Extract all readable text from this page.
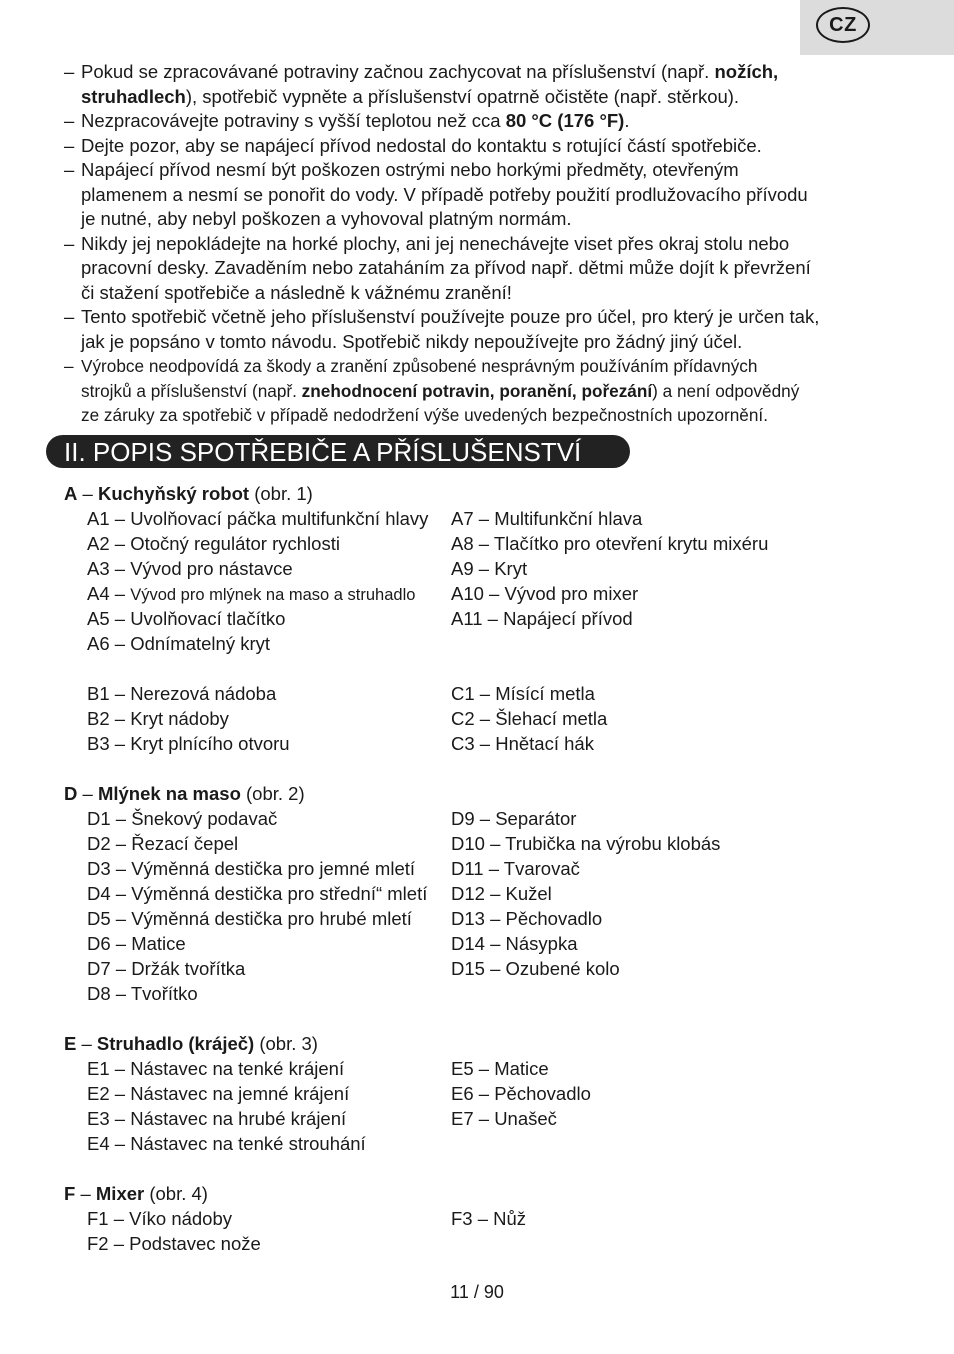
CZ
– Pokud se zpracovávané potraviny začnou zachycovat na příslušenství (např. nožích,
struhadlech), spotřebič vypněte a příslušenství opatrně očistěte (např. stěrkou).
– Nezpracovávejte potraviny s vyšší teplotou než cca 80 °C (176 °F).
– Dejte pozor, aby se napájecí přívod nedostal do kontaktu s rotující částí spotřebiče.
– Napájecí přívod nesmí být poškozen ostrými nebo horkými předměty, otevřeným
plamenem a nesmí se ponořit do vody. V případě potřeby použití prodlužovacího přívodu
je nutné, aby nebyl poškozen a vyhovoval platným normám.
– Nikdy jej nepokládejte na horké plochy, ani jej nenechávejte viset přes okraj stolu nebo
pracovní desky. Zavaděním nebo zataháním za přívod např. dětmi může dojít k převržení
či stažení spotřebiče a následně k vážnému zranění!
– Tento spotřebič včetně jeho příslušenství používejte pouze pro účel, pro který je určen tak,
jak je popsáno v tomto návodu. Spotřebič nikdy nepoužívejte pro žádný jiný účel.
– Výrobce neodpovídá za škody a zranění způsobené nesprávným používáním přídavných
strojků a příslušenství (např. znehodnocení potravin, poranění, pořezání) a není odpovědný
ze záruky za spotřebič v případě nedodržení výše uvedených bezpečnostních upozornění.
II. POPIS SPOTŘEBIČE A PŘÍSLUŠENSTVÍ
A – Kuchyňský robot (obr. 1)
A1 – Uvolňovací páčka multifunkční hlavy	A7 – Multifunkční hlava
A2 – Otočný regulátor rychlosti	A8 – Tlačítko pro otevření krytu mixéru
A3 – Vývod pro nástavce	A9 – Kryt
A4 – Vývod pro mlýnek na maso a struhadlo	A10 – Vývod pro mixer
A5 – Uvolňovací tlačítko	A11 – Napájecí přívod
A6 – Odnímatelný kryt
B1 – Nerezová nádoba	C1 – Mísící metla
B2 – Kryt nádoby	C2 – Šlehací metla
B3 – Kryt plnícího otvoru	C3 – Hnětací hák
D – Mlýnek na maso (obr. 2)
D1 – Šnekový podavač	D9 – Separátor
D2 – Řezací čepel	D10 – Trubička na výrobu klobás
D3 – Výměnná destička pro jemné mletí	D11 – Tvarovač
D4 – Výměnná destička pro střední“ mletí	D12 – Kužel
D5 – Výměnná destička pro hrubé mletí	D13 – Pěchovadlo
D6 – Matice	D14 – Násypka
D7 – Držák tvořítka	D15 – Ozubené kolo
D8 – Tvořítko
E – Struhadlo (kráječ) (obr. 3)
E1 – Nástavec na tenké krájení	E5 – Matice
E2 – Nástavec na jemné krájení	E6 – Pěchovadlo
E3 – Nástavec na hrubé krájení	E7 – Unašeč
E4 – Nástavec na tenké strouhání
F – Mixer (obr. 4)
F1 – Víko nádoby	F3 – Nůž
F2 – Podstavec nože
11 / 90
